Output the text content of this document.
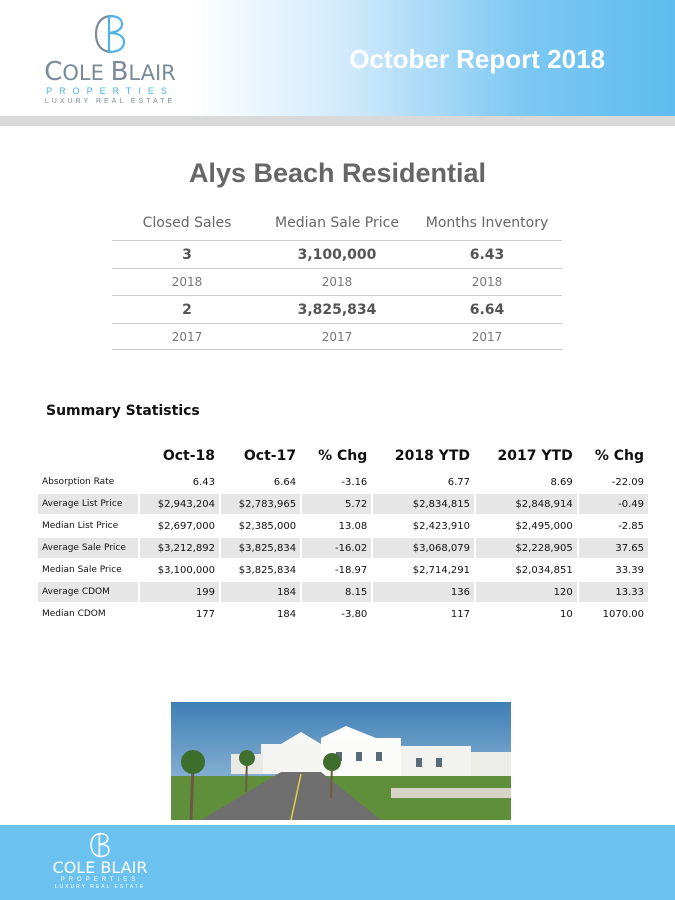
COLE BLAIR
PROPERTIES
LUXURY REAL ESTATE
October Report 2018
Alys Beach Residential
Closed Sales	Median Sale Price	Months Inventory
3	3,100,000	6.43
2018	2018	2018
2	3,825,834	6.64
2017	2017	2017
Summary Statistics
	Oct-18	Oct-17	% Chg	2018 YTD	2017 YTD	% Chg
Absorption Rate	6.43	6.64	-3.16	6.77	8.69	-22.09
Average List Price	$2,943,204	$2,783,965	5.72	$2,834,815	$2,848,914	-0.49
Median List Price	$2,697,000	$2,385,000	13.08	$2,423,910	$2,495,000	-2.85
Average Sale Price	$3,212,892	$3,825,834	-16.02	$3,068,079	$2,228,905	37.65
Median Sale Price	$3,100,000	$3,825,834	-18.97	$2,714,291	$2,034,851	33.39
Average CDOM	199	184	8.15	136	120	13.33
Median CDOM	177	184	-3.80	117	10	1070.00
COLE BLAIR
PROPERTIES
LUXURY REAL ESTATE
